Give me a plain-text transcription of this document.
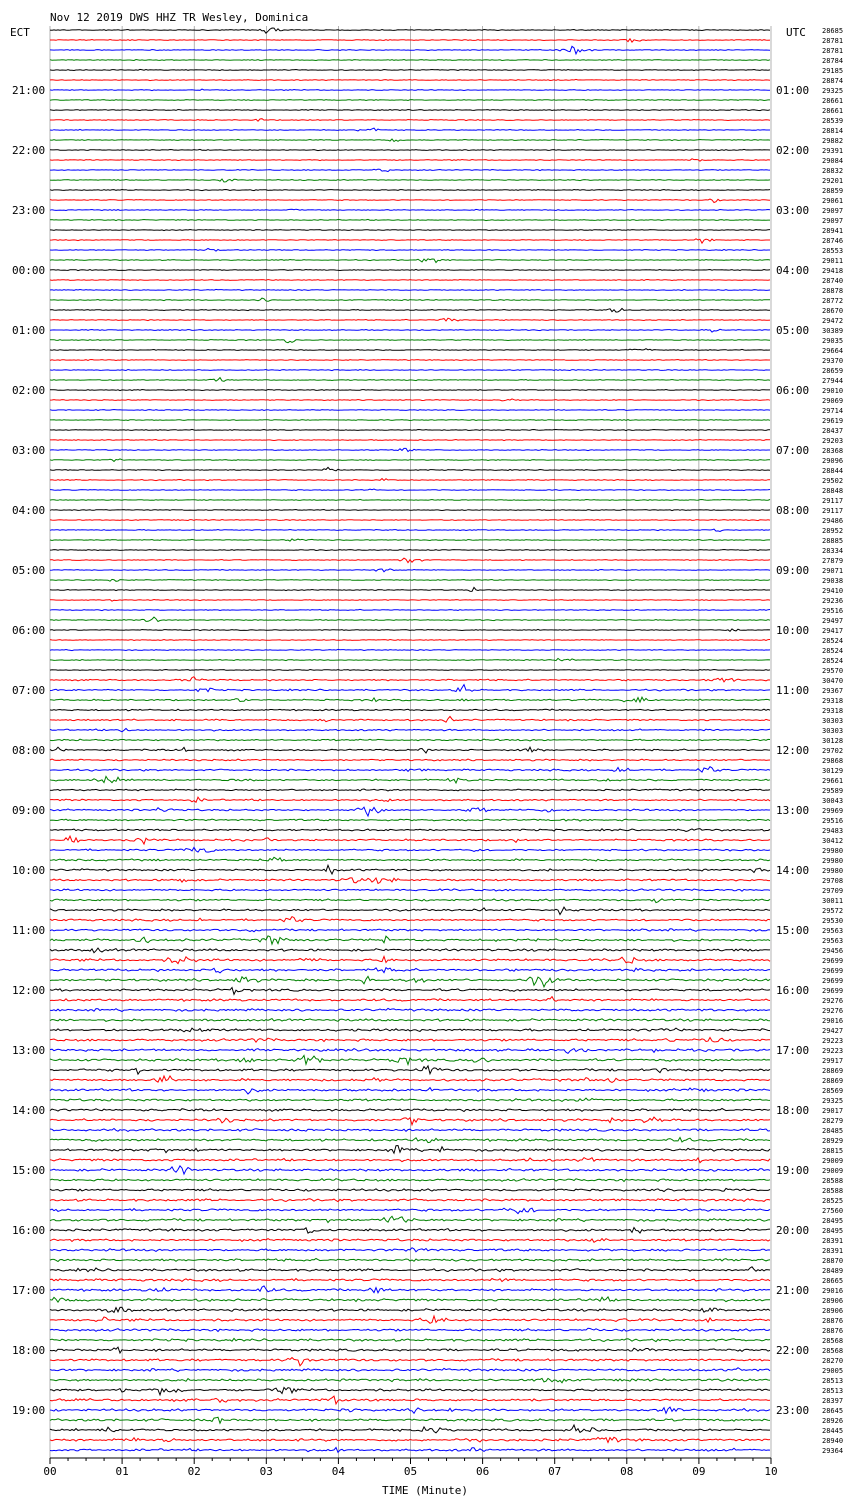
Nov 12 2019 DWS HHZ TR Wesley, Dominica
ECT	UTC
21:00
22:00
23:00
00:00
01:00
02:00
03:00
04:00
05:00
06:00
07:00
08:00
09:00
10:00
11:00
12:00
13:00
14:00
15:00
16:00
17:00
18:00
19:00
01:00
02:00
03:00
04:00
05:00
06:00
07:00
08:00
09:00
10:00
11:00
12:00
13:00
14:00
15:00
16:00
17:00
18:00
19:00
20:00
21:00
22:00
23:00
28685
28781
28781
28784
29185
28874
29325
28661
28661
28539
28814
29882
29391
29084
28832
29201
28859
29061
29097
29097
28941
28746
28553
29011
29418
28740
28878
28772
28670
29472
30389
29035
29664
29370
28659
27944
29010
29069
29714
29619
28437
29203
28368
29096
28844
29502
28848
29117
29117
29486
28952
28885
28334
27879
29071
29038
29410
29236
29516
29497
29417
28524
28524
28524
29570
30470
29367
29318
29318
30303
30303
30128
29702
29868
30129
29661
29589
30043
29969
29516
29483
30412
29980
29980
29980
29708
29709
30011
29572
29530
29563
29563
29456
29699
29699
29699
29699
29276
29276
29016
29427
29223
29223
29917
28869
28869
28569
29325
29017
28279
28485
28929
28815
29009
29009
28588
28588
28525
27560
28495
28495
28391
28391
28870
28489
28665
29016
28906
28906
28876
28876
28568
28568
28270
29005
28513
28513
28397
28645
28926
28445
28940
29364
00	01	02	03	04	05	06	07	08	09	10
TIME (Minute)
